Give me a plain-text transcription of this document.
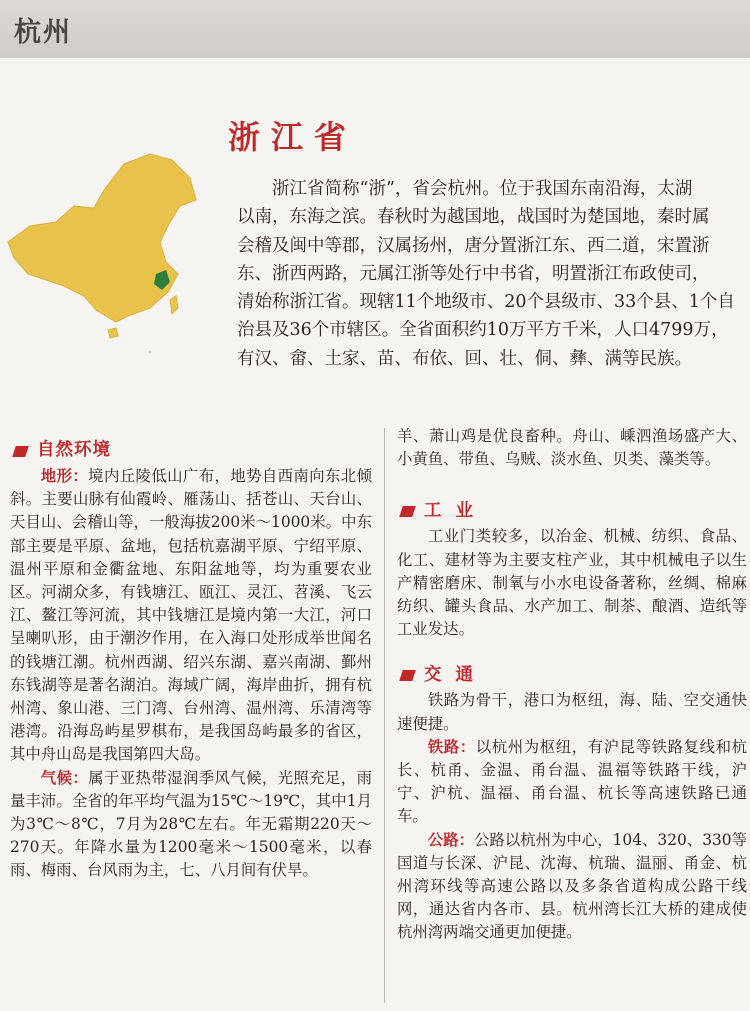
杭州
浙江省

　　浙江省简称“浙”，省会杭州。位于我国东南沿海，太湖
以南，东海之滨。春秋时为越国地，战国时为楚国地，秦时属
会稽及闽中等郡，汉属扬州，唐分置浙江东、西二道，宋置浙
东、浙西两路，元属江浙等处行中书省，明置浙江布政使司，
清始称浙江省。现辖11个地级市、20个县级市、33个县、1个自
治县及36个市辖区。全省面积约10万平方千米，人口4799万，
有汉、畲、土家、苗、布依、回、壮、侗、彝、满等民族。

自然环境

地形：境内丘陵低山广布，地势自西南向东北倾斜。主要山脉有仙霞岭、雁荡山、括苍山、天台山、天目山、会稽山等，一般海拔200米～1000米。中东部主要是平原、盆地，包括杭嘉湖平原、宁绍平原、温州平原和金衢盆地、东阳盆地等，均为重要农业区。河湖众多，有钱塘江、瓯江、灵江、苕溪、飞云江、鳌江等河流，其中钱塘江是境内第一大江，河口呈喇叭形，由于潮汐作用，在入海口处形成举世闻名的钱塘江潮。杭州西湖、绍兴东湖、嘉兴南湖、鄞州东钱湖等是著名湖泊。海域广阔，海岸曲折，拥有杭州湾、象山港、三门湾、台州湾、温州湾、乐清湾等港湾。沿海岛屿星罗棋布，是我国岛屿最多的省区，其中舟山岛是我国第四大岛。

气候：属于亚热带湿润季风气候，光照充足，雨量丰沛。全省的年平均气温为15℃～19℃，其中1月为3℃～8℃，7月为28℃左右。年无霜期220天～270天。年降水量为1200毫米～1500毫米，以春雨、梅雨、台风雨为主，七、八月间有伏旱。

羊、萧山鸡是优良畜种。舟山、嵊泗渔场盛产大、小黄鱼、带鱼、乌贼、淡水鱼、贝类、藻类等。

工业

工业门类较多，以冶金、机械、纺织、食品、化工、建材等为主要支柱产业，其中机械电子以生产精密磨床、制氧与小水电设备著称，丝绸、棉麻纺织、罐头食品、水产加工、制茶、酿酒、造纸等工业发达。

交通

铁路为骨干，港口为枢纽，海、陆、空交通快速便捷。

铁路：以杭州为枢纽，有沪昆等铁路复线和杭长、杭甬、金温、甬台温、温福等铁路干线，沪宁、沪杭、温福、甬台温、杭长等高速铁路已通车。

公路：公路以杭州为中心，104、320、330等国道与长深、沪昆、沈海、杭瑞、温丽、甬金、杭州湾环线等高速公路以及多条省道构成公路干线网，通达省内各市、县。杭州湾长江大桥的建成使杭州湾两端交通更加便捷。
